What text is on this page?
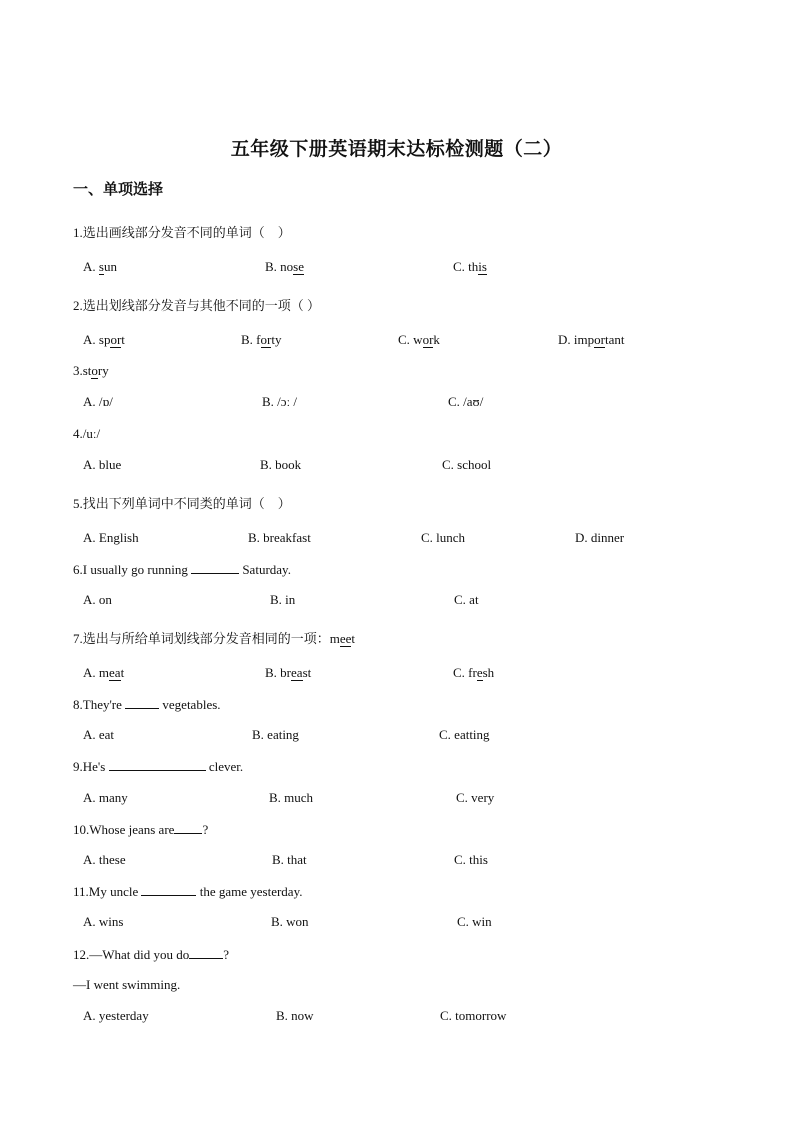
五年级下册英语期末达标检测题（二）
一、单项选择
1.选出画线部分发音不同的单词（　）
A. sun	B. nose	C. this
2.选出划线部分发音与其他不同的一项（ ）
A. sport	B. forty	C. work	D. important
3.story
A. /ɒ/	B. /ɔː /	C. /aʊ/
4./uː/
A. blue	B. book	C. school
5.找出下列单词中不同类的单词（　）
A. English	B. breakfast	C. lunch	D. dinner
6.I usually go running	Saturday.
A. on	B. in	C. at
7.选出与所给单词划线部分发音相同的一项：meet
A. meat	B. breast	C. fresh
8.They're	vegetables.
A. eat	B. eating	C. eatting
9.He's	clever.
A. many	B. much	C. very
10.Whose jeans are ?
A. these	B. that	C. this
11.My uncle	the game yesterday.
A. wins	B. won	C. win
12.—What did you do	?
—I went swimming.
A. yesterday	B. now	C. tomorrow
